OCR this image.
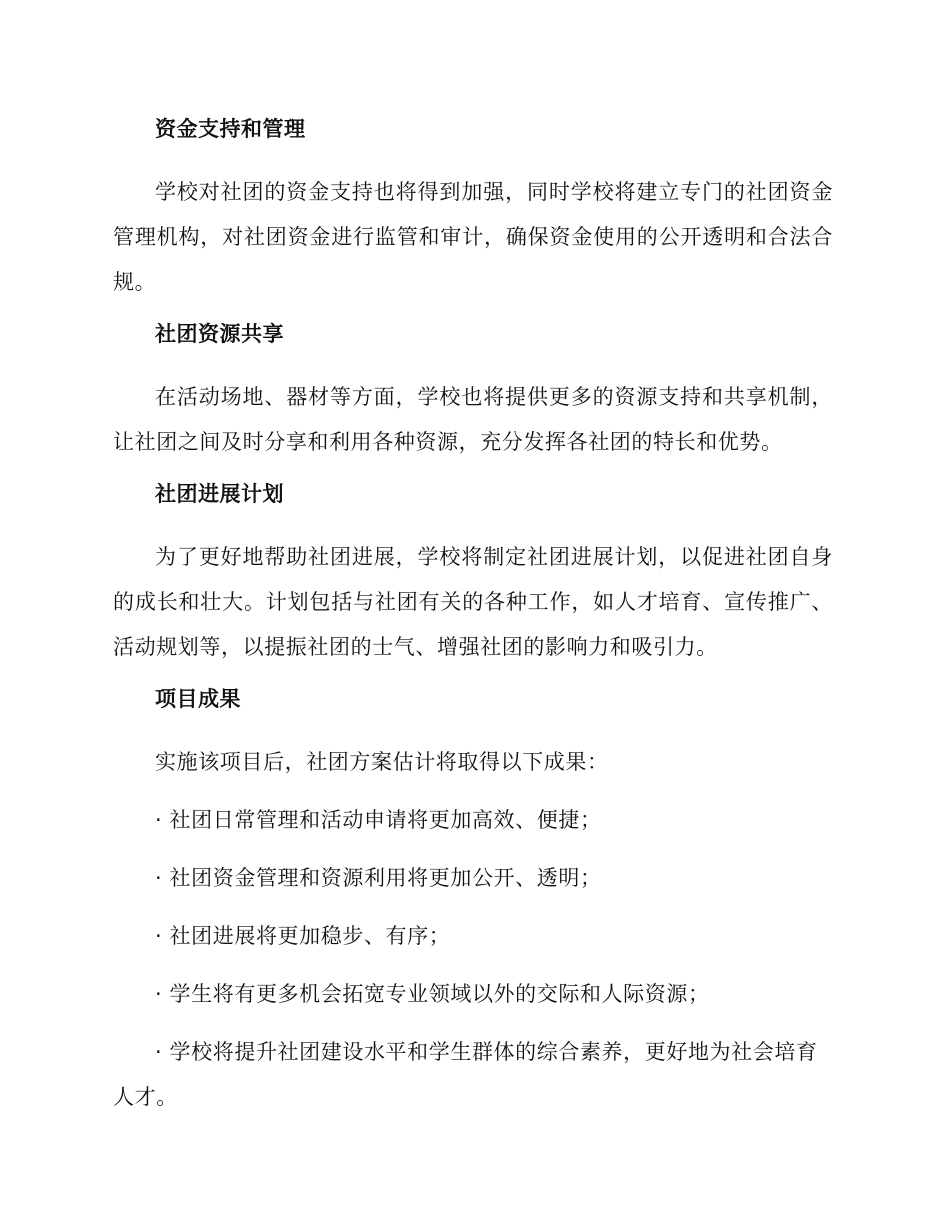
资金支持和管理

学校对社团的资金支持也将得到加强，同时学校将建立专门的社团资金管理机构，对社团资金进行监管和审计，确保资金使用的公开透明和合法合规。

社团资源共享

在活动场地、器材等方面，学校也将提供更多的资源支持和共享机制，让社团之间及时分享和利用各种资源，充分发挥各社团的特长和优势。

社团进展计划

为了更好地帮助社团进展，学校将制定社团进展计划，以促进社团自身的成长和壮大。计划包括与社团有关的各种工作，如人才培育、宣传推广、活动规划等，以提振社团的士气、增强社团的影响力和吸引力。

项目成果

实施该项目后，社团方案估计将取得以下成果：

· 社团日常管理和活动申请将更加高效、便捷；

· 社团资金管理和资源利用将更加公开、透明；

· 社团进展将更加稳步、有序；

· 学生将有更多机会拓宽专业领域以外的交际和人际资源；

· 学校将提升社团建设水平和学生群体的综合素养，更好地为社会培育人才。
